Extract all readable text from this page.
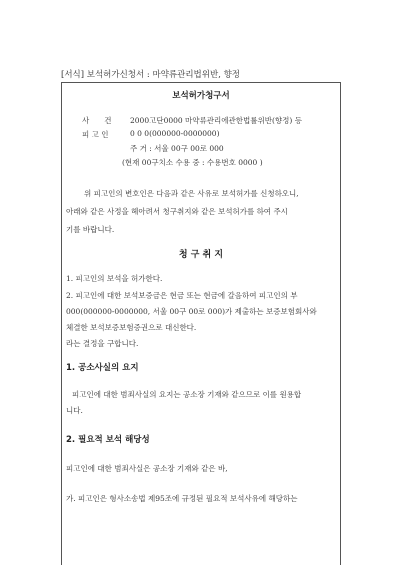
[서식] 보석허가신청서 : 마약류관리법위반, 향정
보석허가청구서
사　　건 2000고단0000 마약류관리에관한법률위반(향정) 등
피 고 인	0 0 0(000000-0000000)
주 거 : 서울 00구 00로 000
(현재 00구치소 수용 중 : 수용번호 0000 )
위 피고인의 변호인은 다음과 같은 사유로 보석허가를 신청하오니,
아래와 같은 사정을 헤아려서 청구취지와 같은 보석허가를 하여 주시
기를 바랍니다.
청 구 취 지
1. 피고인의 보석을 허가한다.
2. 피고인에 대한 보석보증금은 현금 또는 현금에 갈음하여 피고인의 부
000(000000-0000000, 서울 00구 00로 000)가 제출하는 보증보험회사와
체결한 보석보증보험증권으로 대신한다.
라는 결정을 구합니다.
1. 공소사실의 요지
피고인에 대한 범죄사실의 요지는 공소장 기재와 같으므로 이를 원용합
니다.
2. 필요적 보석 해당성
피고인에 대한 범죄사실은 공소장 기재와 같은 바,
가. 피고인은 형사소송법 제95조에 규정된 필요적 보석사유에 해당하는
